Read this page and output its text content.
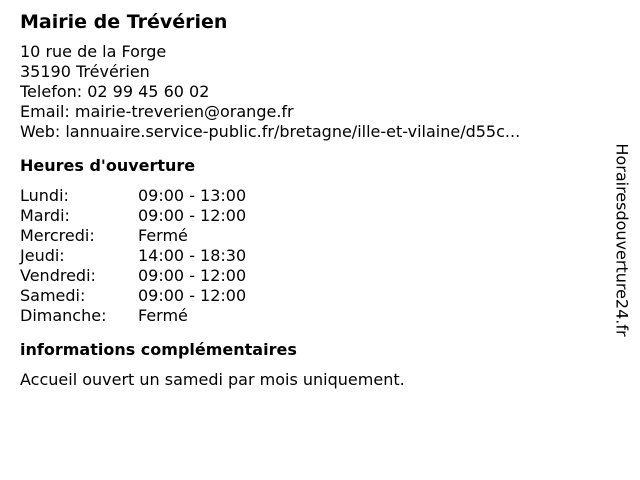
Mairie de Trévérien
10 rue de la Forge
35190 Trévérien
Telefon: 02 99 45 60 02
Email: mairie-treverien@orange.fr
Web: lannuaire.service-public.fr/bretagne/ille-et-vilaine/d55c...
Heures d'ouverture
Lundi:	09:00 - 13:00
Mardi:	09:00 - 12:00
Mercredi:	Fermé
Jeudi:	14:00 - 18:30
Vendredi:	09:00 - 12:00
Samedi:	09:00 - 12:00
Dimanche:	Fermé
informations complémentaires
Accueil ouvert un samedi par mois uniquement.
Horairesdouverture24.fr
